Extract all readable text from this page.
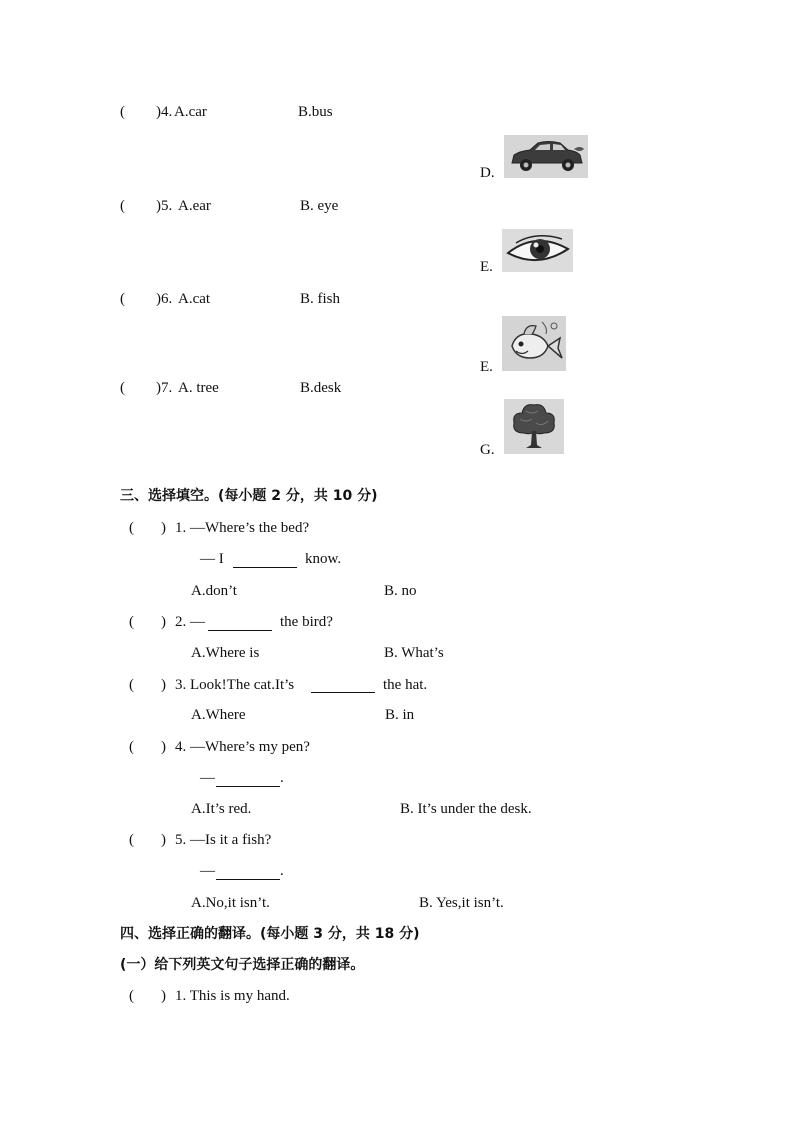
( ) 4. A.car	B.bus
D.
( ) 5. A.ear	B. eye
E.
( ) 6. A.cat	B. fish
E.
( ) 7. A. tree	B.desk
G.
三、选择填空。(每小题 2 分，共 10 分)
( ) 1. —Where’s the bed?
— I	know.
A.don’t	B. no
( ) 2. —	the bird?
A.Where is	B. What’s
( ) 3. Look!The cat.It’s	the hat.
A.Where	B. in
( ) 4. —Where’s my pen?
—	.
A.It’s red.	B. It’s under the desk.
( ) 5. —Is it a fish?
—	.
A.No,it isn’t.	B. Yes,it isn’t.
四、选择正确的翻译。(每小题 3 分，共 18 分)
(一）给下列英文句子选择正确的翻译。
( ) 1. This is my hand.
